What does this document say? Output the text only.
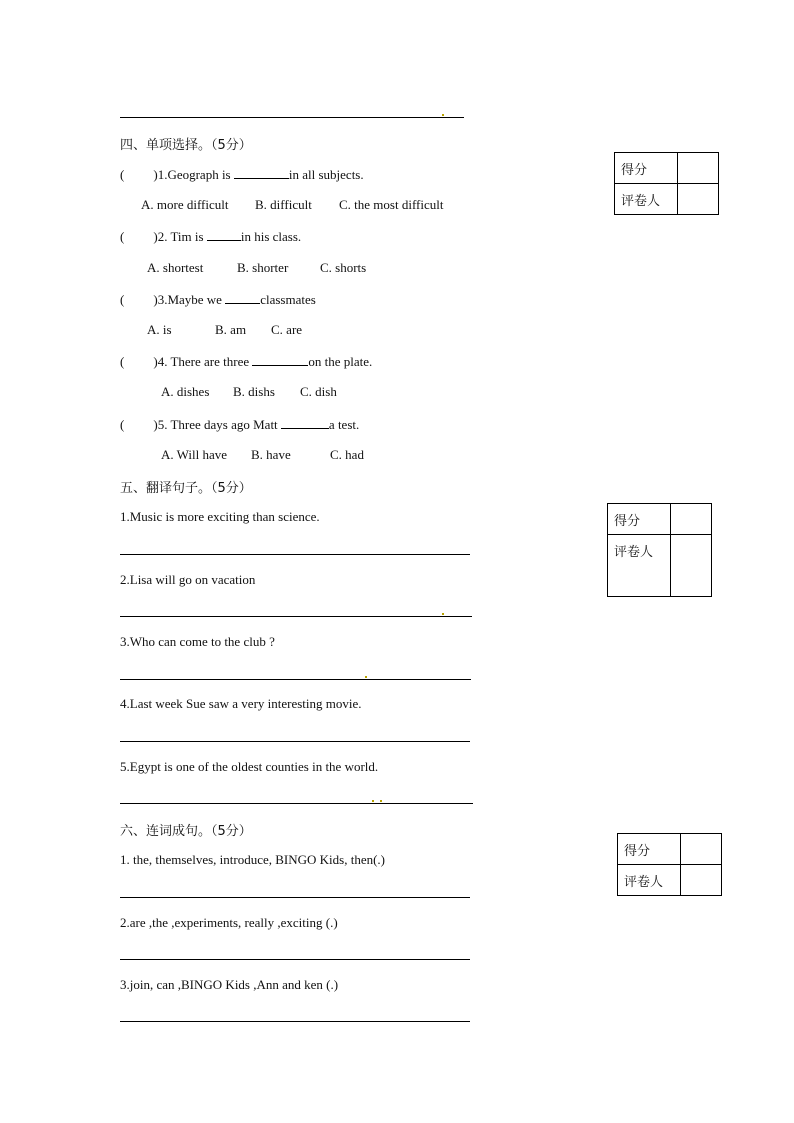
四、单项选择。（5分）
得分	
评卷人	
( )1.Geograph is	in all subjects.
A. more difficult B. difficult C. the most difficult
( )2. Tim is	in his class.
A. shortest	B. shorter C. shorts
( )3.Maybe we	classmates
A. is	B. am C. are
( )4. There are three	on the plate.
A. dishes B. dishs C. dish
( )5. Three days ago Matt	a test.
A. Will have B. have	C. had
五、翻译句子。（5分）
得分	
评卷人	
1.Music is more exciting than science.
2.Lisa will go on vacation
3.Who can come to the club ?
4.Last week Sue saw a very interesting movie.
5.Egypt is one of the oldest counties in the world.
六、连词成句。（5分）
得分	
评卷人	
1. the, themselves, introduce, BINGO Kids, then(.)
2.are ,the ,experiments, really ,exciting (.)
3.join, can ,BINGO Kids ,Ann and ken (.)
